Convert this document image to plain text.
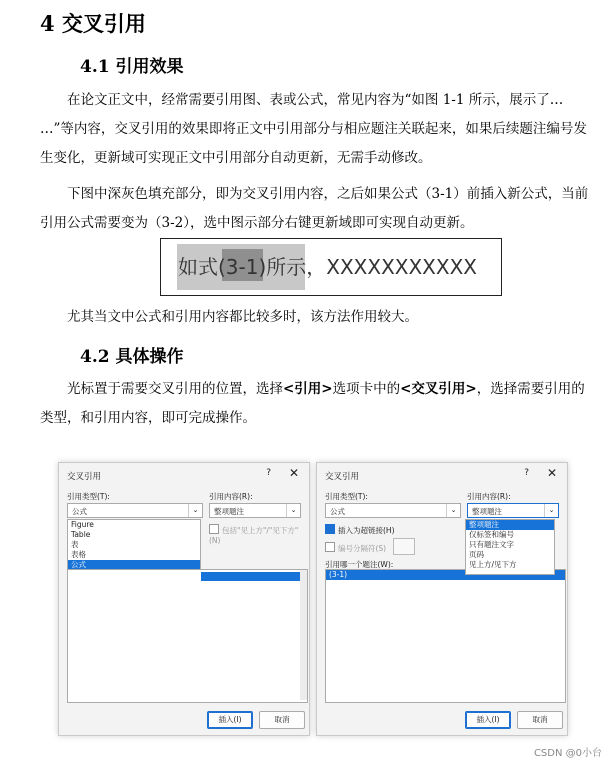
4 交叉引用
4.1 引用效果
在论文正文中，经常需要引用图、表或公式，常见内容为“如图 1-1 所示，展示了… …”等内容，交叉引用的效果即将正文中引用部分与相应题注关联起来，如果后续题注编号发生变化，更新域可实现正文中引用部分自动更新，无需手动修改。
下图中深灰色填充部分，即为交叉引用内容，之后如果公式（3-1）前插入新公式，当前引用公式需要变为（3-2），选中图示部分右键更新域即可实现自动更新。
如式(3-1)所示，XXXXXXXXXXX
尤其当文中公式和引用内容都比较多时，该方法作用较大。
4.2 具体操作
光标置于需要交叉引用的位置，选择<引用>选项卡中的<交叉引用>，选择需要引用的类型，和引用内容，即可完成操作。
交叉引用	? ✕
引用类型(T):
公式	⌄
引用内容(R):
整项题注	⌄
包括"见上方"/"见下方"(N)
Figure
Table
表
表格
公式
插入(I)	取消
交叉引用	? ✕
引用类型(T):
公式	⌄
引用内容(R):
整项题注	⌄
插入为超链接(H)
编号分隔符(S)
引用哪一个题注(W):
(3-1)
整项题注
仅标签和编号
只有题注文字
页码
见上方/见下方
插入(I)	取消
CSDN @0小台
